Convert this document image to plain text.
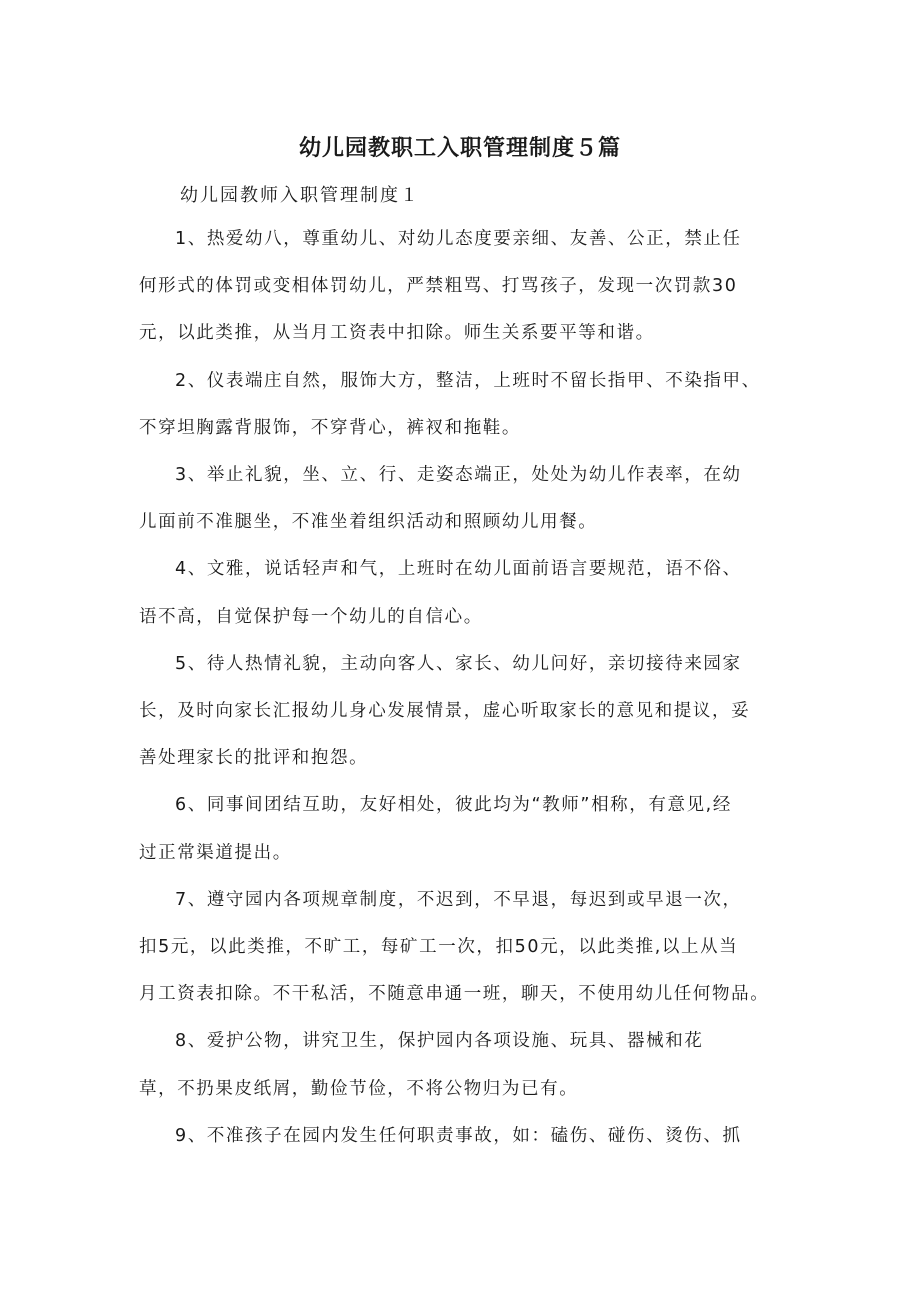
幼儿园教职工入职管理制度５篇

幼儿园教师入职管理制度１

1、热爱幼八，尊重幼儿、对幼儿态度要亲细、友善、公正，禁止任
何形式的体罚或变相体罚幼儿，严禁粗骂、打骂孩子，发现一次罚款30
元，以此类推，从当月工资表中扣除。师生关系要平等和谐。
2、仪表端庄自然，服饰大方，整洁，上班时不留长指甲、不染指甲、
不穿坦胸露背服饰，不穿背心，裤衩和拖鞋。
3、举止礼貌，坐、立、行、走姿态端正，处处为幼儿作表率，在幼
儿面前不准腿坐，不准坐着组织活动和照顾幼儿用餐。
4、文雅，说话轻声和气，上班时在幼儿面前语言要规范，语不俗、
语不高，自觉保护每一个幼儿的自信心。
5、待人热情礼貌，主动向客人、家长、幼儿问好，亲切接待来园家
长，及时向家长汇报幼儿身心发展情景，虚心听取家长的意见和提议，妥
善处理家长的批评和抱怨。
6、同事间团结互助，友好相处，彼此均为“教师”相称，有意见,经
过正常渠道提出。
7、遵守园内各项规章制度，不迟到，不早退，每迟到或早退一次，
扣5元，以此类推，不旷工，每矿工一次，扣50元，以此类推,以上从当
月工资表扣除。不干私活，不随意串通一班，聊天，不使用幼儿任何物品。
8、爱护公物，讲究卫生，保护园内各项设施、玩具、器械和花
草，不扔果皮纸屑，勤俭节俭，不将公物归为已有。
9、不准孩子在园内发生任何职责事故，如：磕伤、碰伤、烫伤、抓
